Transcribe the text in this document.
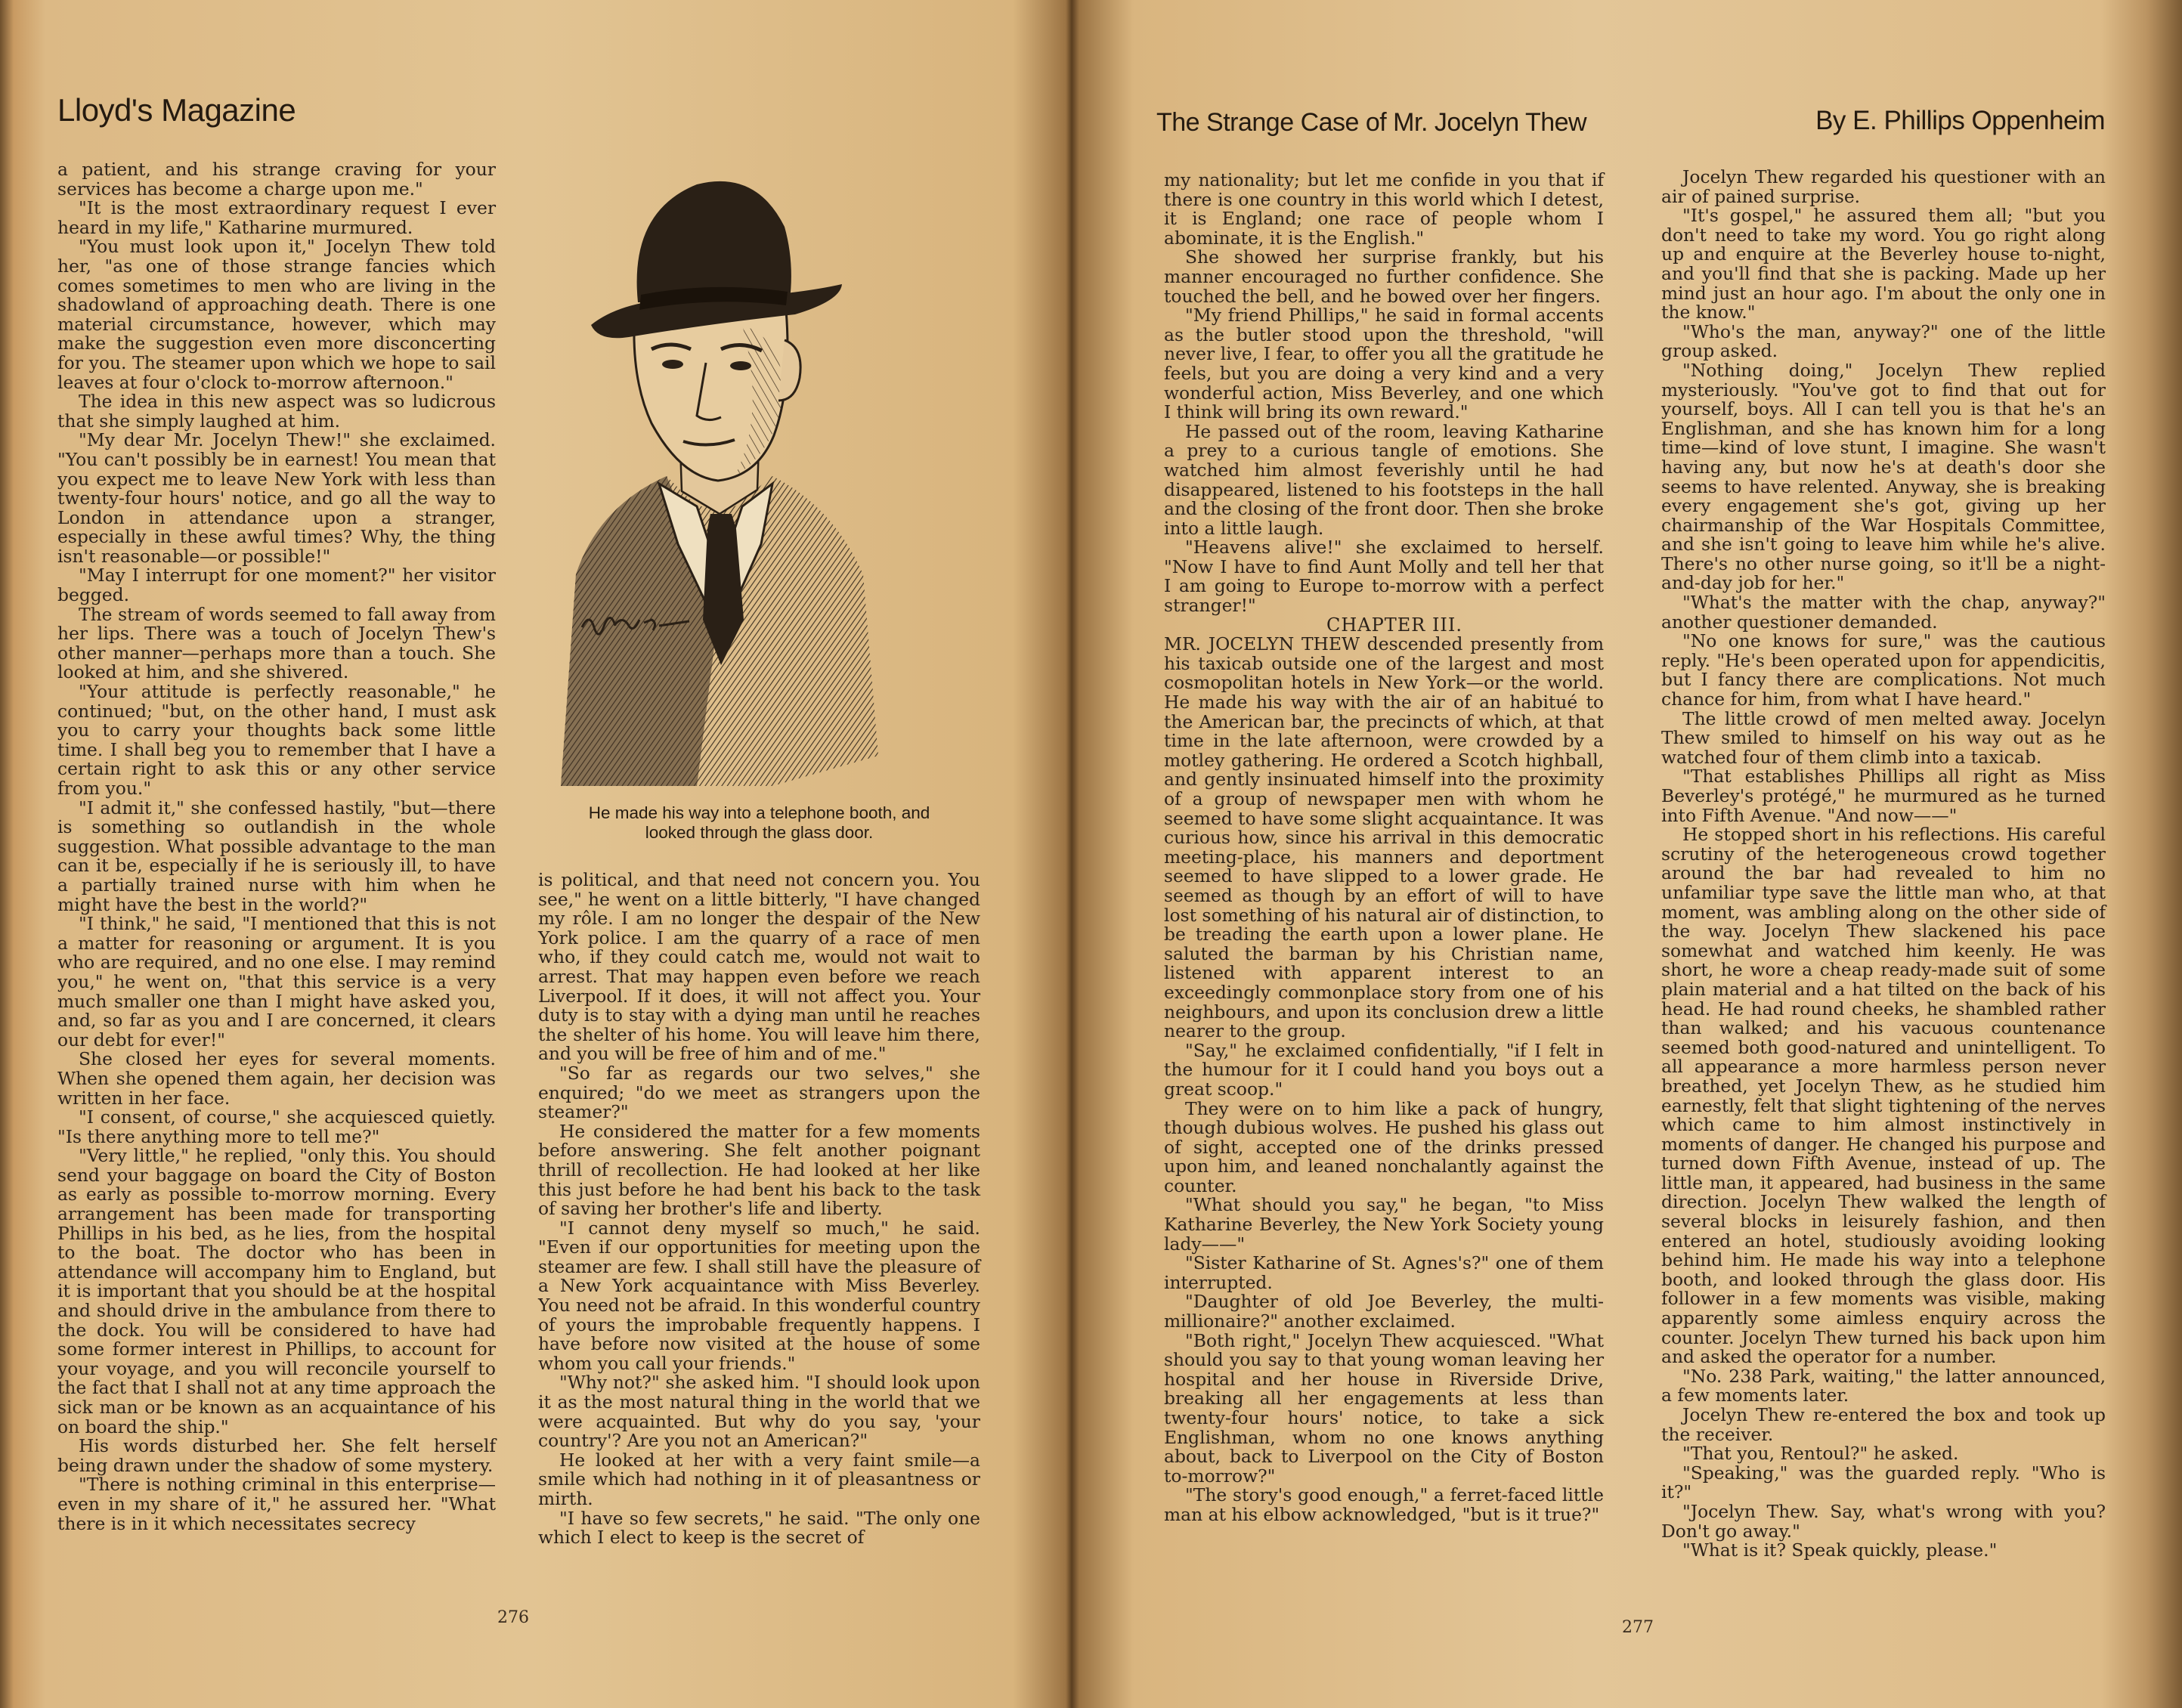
Lloyd's Magazine

a patient, and his strange craving for your services has become a charge upon me."

"It is the most extraordinary request I ever heard in my life," Katharine murmured.

"You must look upon it," Jocelyn Thew told her, "as one of those strange fancies which comes sometimes to men who are living in the shadowland of approaching death. There is one material circumstance, however, which may make the suggestion even more disconcerting for you. The steamer upon which we hope to sail leaves at four o'clock to-morrow afternoon."

The idea in this new aspect was so ludicrous that she simply laughed at him.

"My dear Mr. Jocelyn Thew!" she exclaimed. "You can't possibly be in earnest! You mean that you expect me to leave New York with less than twenty-four hours' notice, and go all the way to London in attendance upon a stranger, especially in these awful times? Why, the thing isn't reasonable—or possible!"

"May I interrupt for one moment?" her visitor begged.

The stream of words seemed to fall away from her lips. There was a touch of Jocelyn Thew's other manner—perhaps more than a touch. She looked at him, and she shivered.

"Your attitude is perfectly reasonable," he continued; "but, on the other hand, I must ask you to carry your thoughts back some little time. I shall beg you to remember that I have a certain right to ask this or any other service from you."

"I admit it," she confessed hastily, "but—there is something so outlandish in the whole suggestion. What possible advantage to the man can it be, especially if he is seriously ill, to have a partially trained nurse with him when he might have the best in the world?"

"I think," he said, "I mentioned that this is not a matter for reasoning or argument. It is you who are required, and no one else. I may remind you," he went on, "that this service is a very much smaller one than I might have asked you, and, so far as you and I are concerned, it clears our debt for ever!"

She closed her eyes for several moments. When she opened them again, her decision was written in her face.

"I consent, of course," she acquiesced quietly. "Is there anything more to tell me?"

"Very little," he replied, "only this. You should send your baggage on board the City of Boston as early as possible to-morrow morning. Every arrangement has been made for transporting Phillips in his bed, as he lies, from the hospital to the boat. The doctor who has been in attendance will accompany him to England, but it is important that you should be at the hospital and should drive in the ambulance from there to the dock. You will be considered to have had some former interest in Phillips, to account for your voyage, and you will reconcile yourself to the fact that I shall not at any time approach the sick man or be known as an acquaintance of his on board the ship."

His words disturbed her. She felt herself being drawn under the shadow of some mystery.

"There is nothing criminal in this enterprise—even in my share of it," he assured her. "What there is in it which necessitates secrecy

He made his way into a telephone booth, and
looked through the glass door.

is political, and that need not concern you. You see," he went on a little bitterly, "I have changed my rôle. I am no longer the despair of the New York police. I am the quarry of a race of men who, if they could catch me, would not wait to arrest. That may happen even before we reach Liverpool. If it does, it will not affect you. Your duty is to stay with a dying man until he reaches the shelter of his home. You will leave him there, and you will be free of him and of me."

"So far as regards our two selves," she enquired; "do we meet as strangers upon the steamer?"

He considered the matter for a few moments before answering. She felt another poignant thrill of recollection. He had looked at her like this just before he had bent his back to the task of saving her brother's life and liberty.

"I cannot deny myself so much," he said. "Even if our opportunities for meeting upon the steamer are few. I shall still have the pleasure of a New York acquaintance with Miss Beverley. You need not be afraid. In this wonderful country of yours the improbable frequently happens. I have before now visited at the house of some whom you call your friends."

"Why not?" she asked him. "I should look upon it as the most natural thing in the world that we were acquainted. But why do you say, 'your country'? Are you not an American?"

He looked at her with a very faint smile—a smile which had nothing in it of pleasantness or mirth.

"I have so few secrets," he said. "The only one which I elect to keep is the secret of

276
The Strange Case of Mr. Jocelyn Thew	By E. Phillips Oppenheim

my nationality; but let me confide in you that if there is one country in this world which I detest, it is England; one race of people whom I abominate, it is the English."

She showed her surprise frankly, but his manner encouraged no further confidence. She touched the bell, and he bowed over her fingers.

"My friend Phillips," he said in formal accents as the butler stood upon the threshold, "will never live, I fear, to offer you all the gratitude he feels, but you are doing a very kind and a very wonderful action, Miss Beverley, and one which I think will bring its own reward."

He passed out of the room, leaving Katharine a prey to a curious tangle of emotions. She watched him almost feverishly until he had disappeared, listened to his footsteps in the hall and the closing of the front door. Then she broke into a little laugh.

"Heavens alive!" she exclaimed to herself. "Now I have to find Aunt Molly and tell her that I am going to Europe to-morrow with a perfect stranger!"

CHAPTER III.

MR. JOCELYN THEW descended presently from his taxicab outside one of the largest and most cosmopolitan hotels in New York—or the world. He made his way with the air of an habitué to the American bar, the precincts of which, at that time in the late afternoon, were crowded by a motley gathering. He ordered a Scotch highball, and gently insinuated himself into the proximity of a group of newspaper men with whom he seemed to have some slight acquaintance. It was curious how, since his arrival in this democratic meeting-place, his manners and deportment seemed to have slipped to a lower grade. He seemed as though by an effort of will to have lost something of his natural air of distinction, to be treading the earth upon a lower plane. He saluted the barman by his Christian name, listened with apparent interest to an exceedingly commonplace story from one of his neighbours, and upon its conclusion drew a little nearer to the group.

"Say," he exclaimed confidentially, "if I felt in the humour for it I could hand you boys out a great scoop."

They were on to him like a pack of hungry, though dubious wolves. He pushed his glass out of sight, accepted one of the drinks pressed upon him, and leaned nonchalantly against the counter.

"What should you say," he began, "to Miss Katharine Beverley, the New York Society young lady——"

"Sister Katharine of St. Agnes's?" one of them interrupted.

"Daughter of old Joe Beverley, the multi-millionaire?" another exclaimed.

"Both right," Jocelyn Thew acquiesced. "What should you say to that young woman leaving her hospital and her house in Riverside Drive, breaking all her engagements at less than twenty-four hours' notice, to take a sick Englishman, whom no one knows anything about, back to Liverpool on the City of Boston to-morrow?"

"The story's good enough," a ferret-faced little man at his elbow acknowledged, "but is it true?"

Jocelyn Thew regarded his questioner with an air of pained surprise.

"It's gospel," he assured them all; "but you don't need to take my word. You go right along up and enquire at the Beverley house to-night, and you'll find that she is packing. Made up her mind just an hour ago. I'm about the only one in the know."

"Who's the man, anyway?" one of the little group asked.

"Nothing doing," Jocelyn Thew replied mysteriously. "You've got to find that out for yourself, boys. All I can tell you is that he's an Englishman, and she has known him for a long time—kind of love stunt, I imagine. She wasn't having any, but now he's at death's door she seems to have relented. Anyway, she is breaking every engagement she's got, giving up her chairmanship of the War Hospitals Committee, and she isn't going to leave him while he's alive. There's no other nurse going, so it'll be a night-and-day job for her."

"What's the matter with the chap, anyway?" another questioner demanded.

"No one knows for sure," was the cautious reply. "He's been operated upon for appendicitis, but I fancy there are complications. Not much chance for him, from what I have heard."

The little crowd of men melted away. Jocelyn Thew smiled to himself on his way out as he watched four of them climb into a taxicab.

"That establishes Phillips all right as Miss Beverley's protégé," he murmured as he turned into Fifth Avenue. "And now——"

He stopped short in his reflections. His careful scrutiny of the heterogeneous crowd together around the bar had revealed to him no unfamiliar type save the little man who, at that moment, was ambling along on the other side of the way. Jocelyn Thew slackened his pace somewhat and watched him keenly. He was short, he wore a cheap ready-made suit of some plain material and a hat tilted on the back of his head. He had round cheeks, he shambled rather than walked; and his vacuous countenance seemed both good-natured and unintelligent. To all appearance a more harmless person never breathed, yet Jocelyn Thew, as he studied him earnestly, felt that slight tightening of the nerves which came to him almost instinctively in moments of danger. He changed his purpose and turned down Fifth Avenue, instead of up. The little man, it appeared, had business in the same direction. Jocelyn Thew walked the length of several blocks in leisurely fashion, and then entered an hotel, studiously avoiding looking behind him. He made his way into a telephone booth, and looked through the glass door. His follower in a few moments was visible, making apparently some aimless enquiry across the counter. Jocelyn Thew turned his back upon him and asked the operator for a number.

"No. 238 Park, waiting," the latter announced, a few moments later.

Jocelyn Thew re-entered the box and took up the receiver.

"That you, Rentoul?" he asked.

"Speaking," was the guarded reply. "Who is it?"

"Jocelyn Thew. Say, what's wrong with you? Don't go away."

"What is it? Speak quickly, please."

277
